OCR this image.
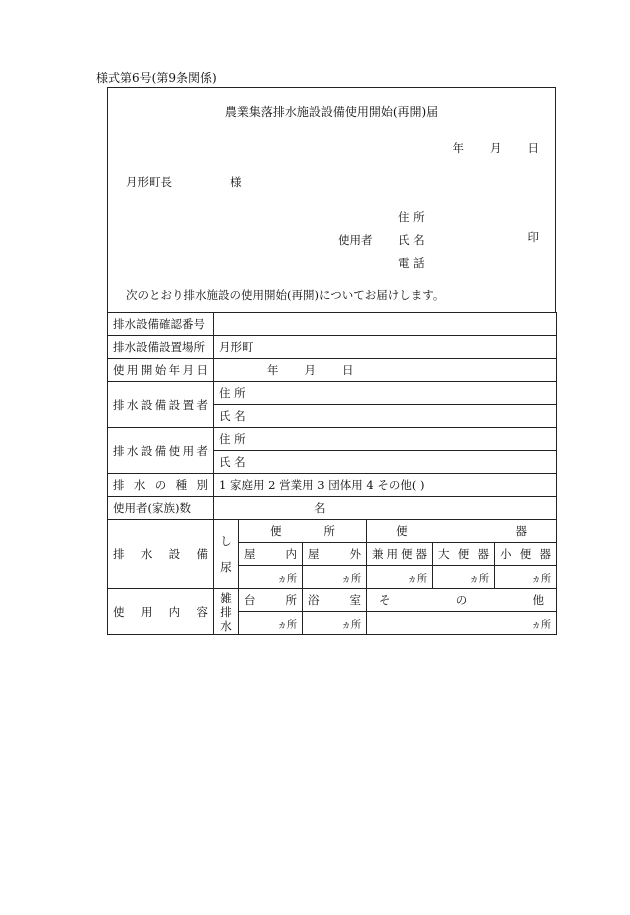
様式第6号(第9条関係)
農業集落排水施設設備使用開始(再開)届
年 月 日
月形町長	様
使用者
住 所
氏 名
電 話
印
次のとおり排水施設の使用開始(再開)についてお届けします。
排水設備確認番号						
排水設備設置場所	月形町					
使用開始年月日	年 月 日					
排水設備設置者	住 所					
	氏 名					
排水設備使用者	住 所					
	氏 名					
排水の種別	1 家庭用 2 営業用 3 団体用 4 その他( )					
使用者(家族)数	名					
排水設備	し尿	便 所		便 器		

		屋内	屋外	兼用便器	大便器	小便器
		ヵ所	ヵ所	ヵ所	ヵ所	ヵ所
使用内容	雑排水	台所	浴室	その他		
		ヵ所	ヵ所	ヵ所		
